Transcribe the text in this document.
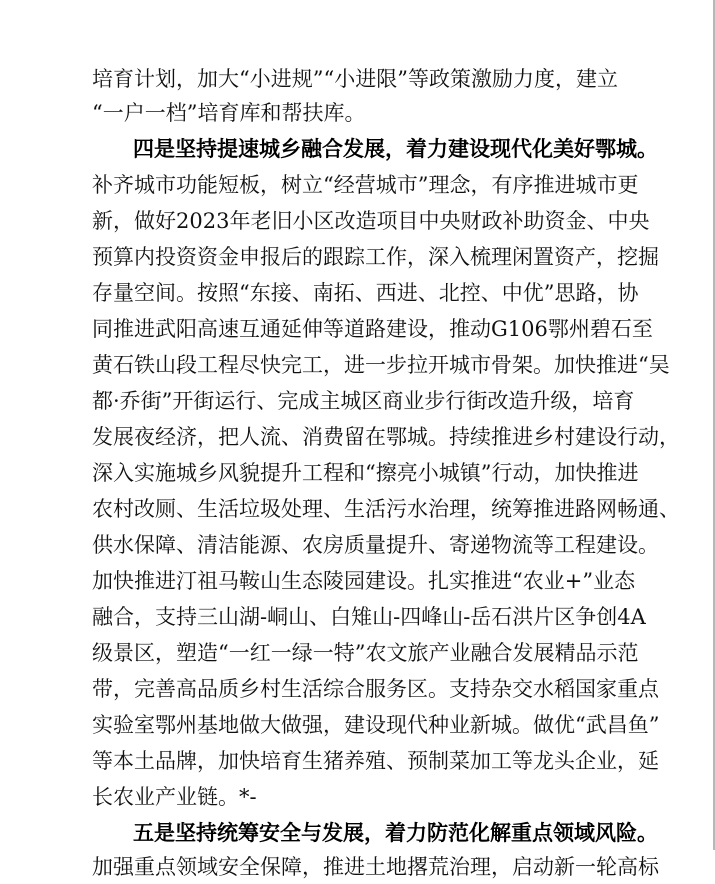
培育计划，加大“小进规”“小进限”等政策激励力度，建立
“一户一档”培育库和帮扶库。
四是坚持提速城乡融合发展，着力建设现代化美好鄂城。
补齐城市功能短板，树立“经营城市”理念，有序推进城市更
新，做好2023年老旧小区改造项目中央财政补助资金、中央
预算内投资资金申报后的跟踪工作，深入梳理闲置资产，挖掘
存量空间。按照“东接、南拓、西进、北控、中优”思路，协
同推进武阳高速互通延伸等道路建设，推动G106鄂州碧石至
黄石铁山段工程尽快完工，进一步拉开城市骨架。加快推进“吴
都·乔街”开街运行、完成主城区商业步行街改造升级，培育
发展夜经济，把人流、消费留在鄂城。持续推进乡村建设行动，
深入实施城乡风貌提升工程和“擦亮小城镇”行动，加快推进
农村改厕、生活垃圾处理、生活污水治理，统筹推进路网畅通、
供水保障、清洁能源、农房质量提升、寄递物流等工程建设。
加快推进汀祖马鞍山生态陵园建设。扎实推进“农业+”业态
融合，支持三山湖-峒山、白雉山-四峰山-岳石洪片区争创4A
级景区，塑造“一红一绿一特”农文旅产业融合发展精品示范
带，完善高品质乡村生活综合服务区。支持杂交水稻国家重点
实验室鄂州基地做大做强，建设现代种业新城。做优“武昌鱼”
等本土品牌，加快培育生猪养殖、预制菜加工等龙头企业，延
长农业产业链。*-
五是坚持统筹安全与发展，着力防范化解重点领域风险。
加强重点领域安全保障，推进土地撂荒治理，启动新一轮高标
